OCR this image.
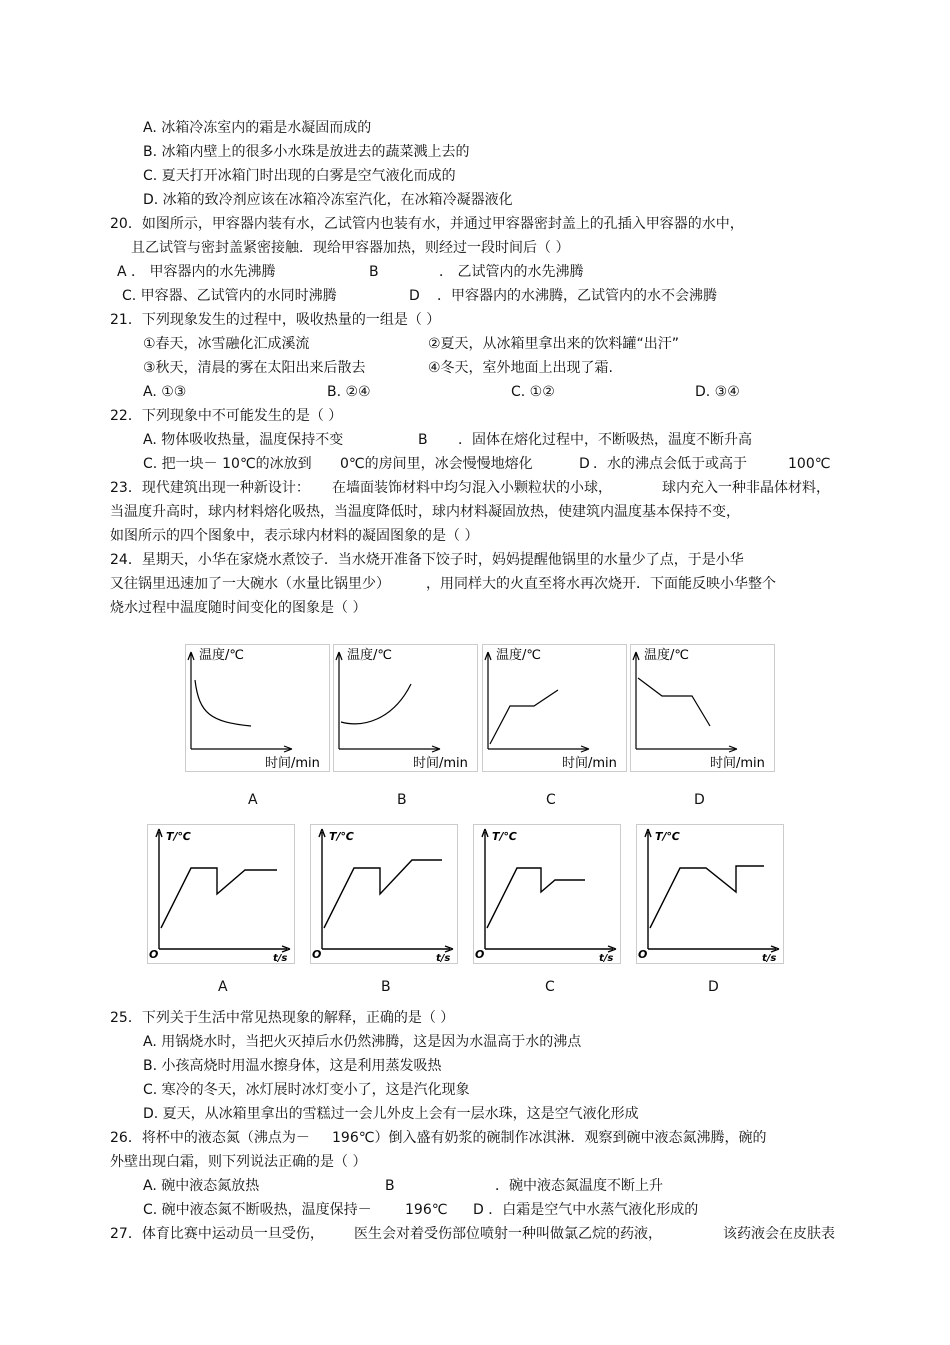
A. 冰箱冷冻室内的霜是水凝固而成的
B. 冰箱内壁上的很多小水珠是放进去的蔬菜溅上去的
C. 夏天打开冰箱门时出现的白雾是空气液化而成的
D. 冰箱的致冷剂应该在冰箱冷冻室汽化，在冰箱冷凝器液化
20．如图所示，甲容器内装有水，乙试管内也装有水，并通过甲容器密封盖上的孔插入甲容器的水中，
且乙试管与密封盖紧密接触．现给甲容器加热，则经过一段时间后（ ）
A ． 甲容器内的水先沸腾	B	． 乙试管内的水先沸腾
C. 甲容器、乙试管内的水同时沸腾	D ．甲容器内的水沸腾，乙试管内的水不会沸腾
21．下列现象发生的过程中，吸收热量的一组是（ ）
①春天，冰雪融化汇成溪流	②夏天，从冰箱里拿出来的饮料罐“出汗”
③秋天，清晨的雾在太阳出来后散去	④冬天，室外地面上出现了霜.
A. ①③	B. ②④	C. ①②	D. ③④
22．下列现象中不可能发生的是（ ）
A. 物体吸收热量，温度保持不变	B ．固体在熔化过程中，不断吸热，温度不断升高
C. 把一块－ 10℃的冰放到 0℃的房间里，冰会慢慢地熔化	D ．水的沸点会低于或高于	100℃
23．现代建筑出现一种新设计： 在墙面装饰材料中均匀混入小颗粒状的小球，	球内充入一种非晶体材料，
当温度升高时，球内材料熔化吸热，当温度降低时，球内材料凝固放热，使建筑内温度基本保持不变，
如图所示的四个图象中，表示球内材料的凝固图象的是（ ）
24．星期天，小华在家烧水煮饺子．当水烧开准备下饺子时，妈妈提醒他锅里的水量少了点，于是小华
又往锅里迅速加了一大碗水（水量比锅里少）	，用同样大的火直至将水再次烧开．下面能反映小华整个
烧水过程中温度随时间变化的图象是（ ）
温度/℃
时间/min
温度/℃
时间/min
温度/℃
时间/min
温度/℃
时间/min
A	B	C	D
T/℃
t/s
O
T/℃
t/s
O
T/℃
t/s
O
T/℃
t/s
O
A	B	C	D
25．下列关于生活中常见热现象的解释，正确的是（ ）
A. 用锅烧水时，当把火灭掉后水仍然沸腾，这是因为水温高于水的沸点
B. 小孩高烧时用温水擦身体，这是利用蒸发吸热
C. 寒冷的冬天，冰灯展时冰灯变小了，这是汽化现象
D. 夏天，从冰箱里拿出的雪糕过一会儿外皮上会有一层水珠，这是空气液化形成
26．将杯中的液态氮（沸点为－ 196℃）倒入盛有奶浆的碗制作冰淇淋．观察到碗中液态氮沸腾，碗的
外壁出现白霜，则下列说法正确的是（ ）
A. 碗中液态氮放热	B	．碗中液态氮温度不断上升
C. 碗中液态氮不断吸热，温度保持－ 196℃ D ．白霜是空气中水蒸气液化形成的
27．体育比赛中运动员一旦受伤， 医生会对着受伤部位喷射一种叫做氯乙烷的药液，	该药液会在皮肤表
